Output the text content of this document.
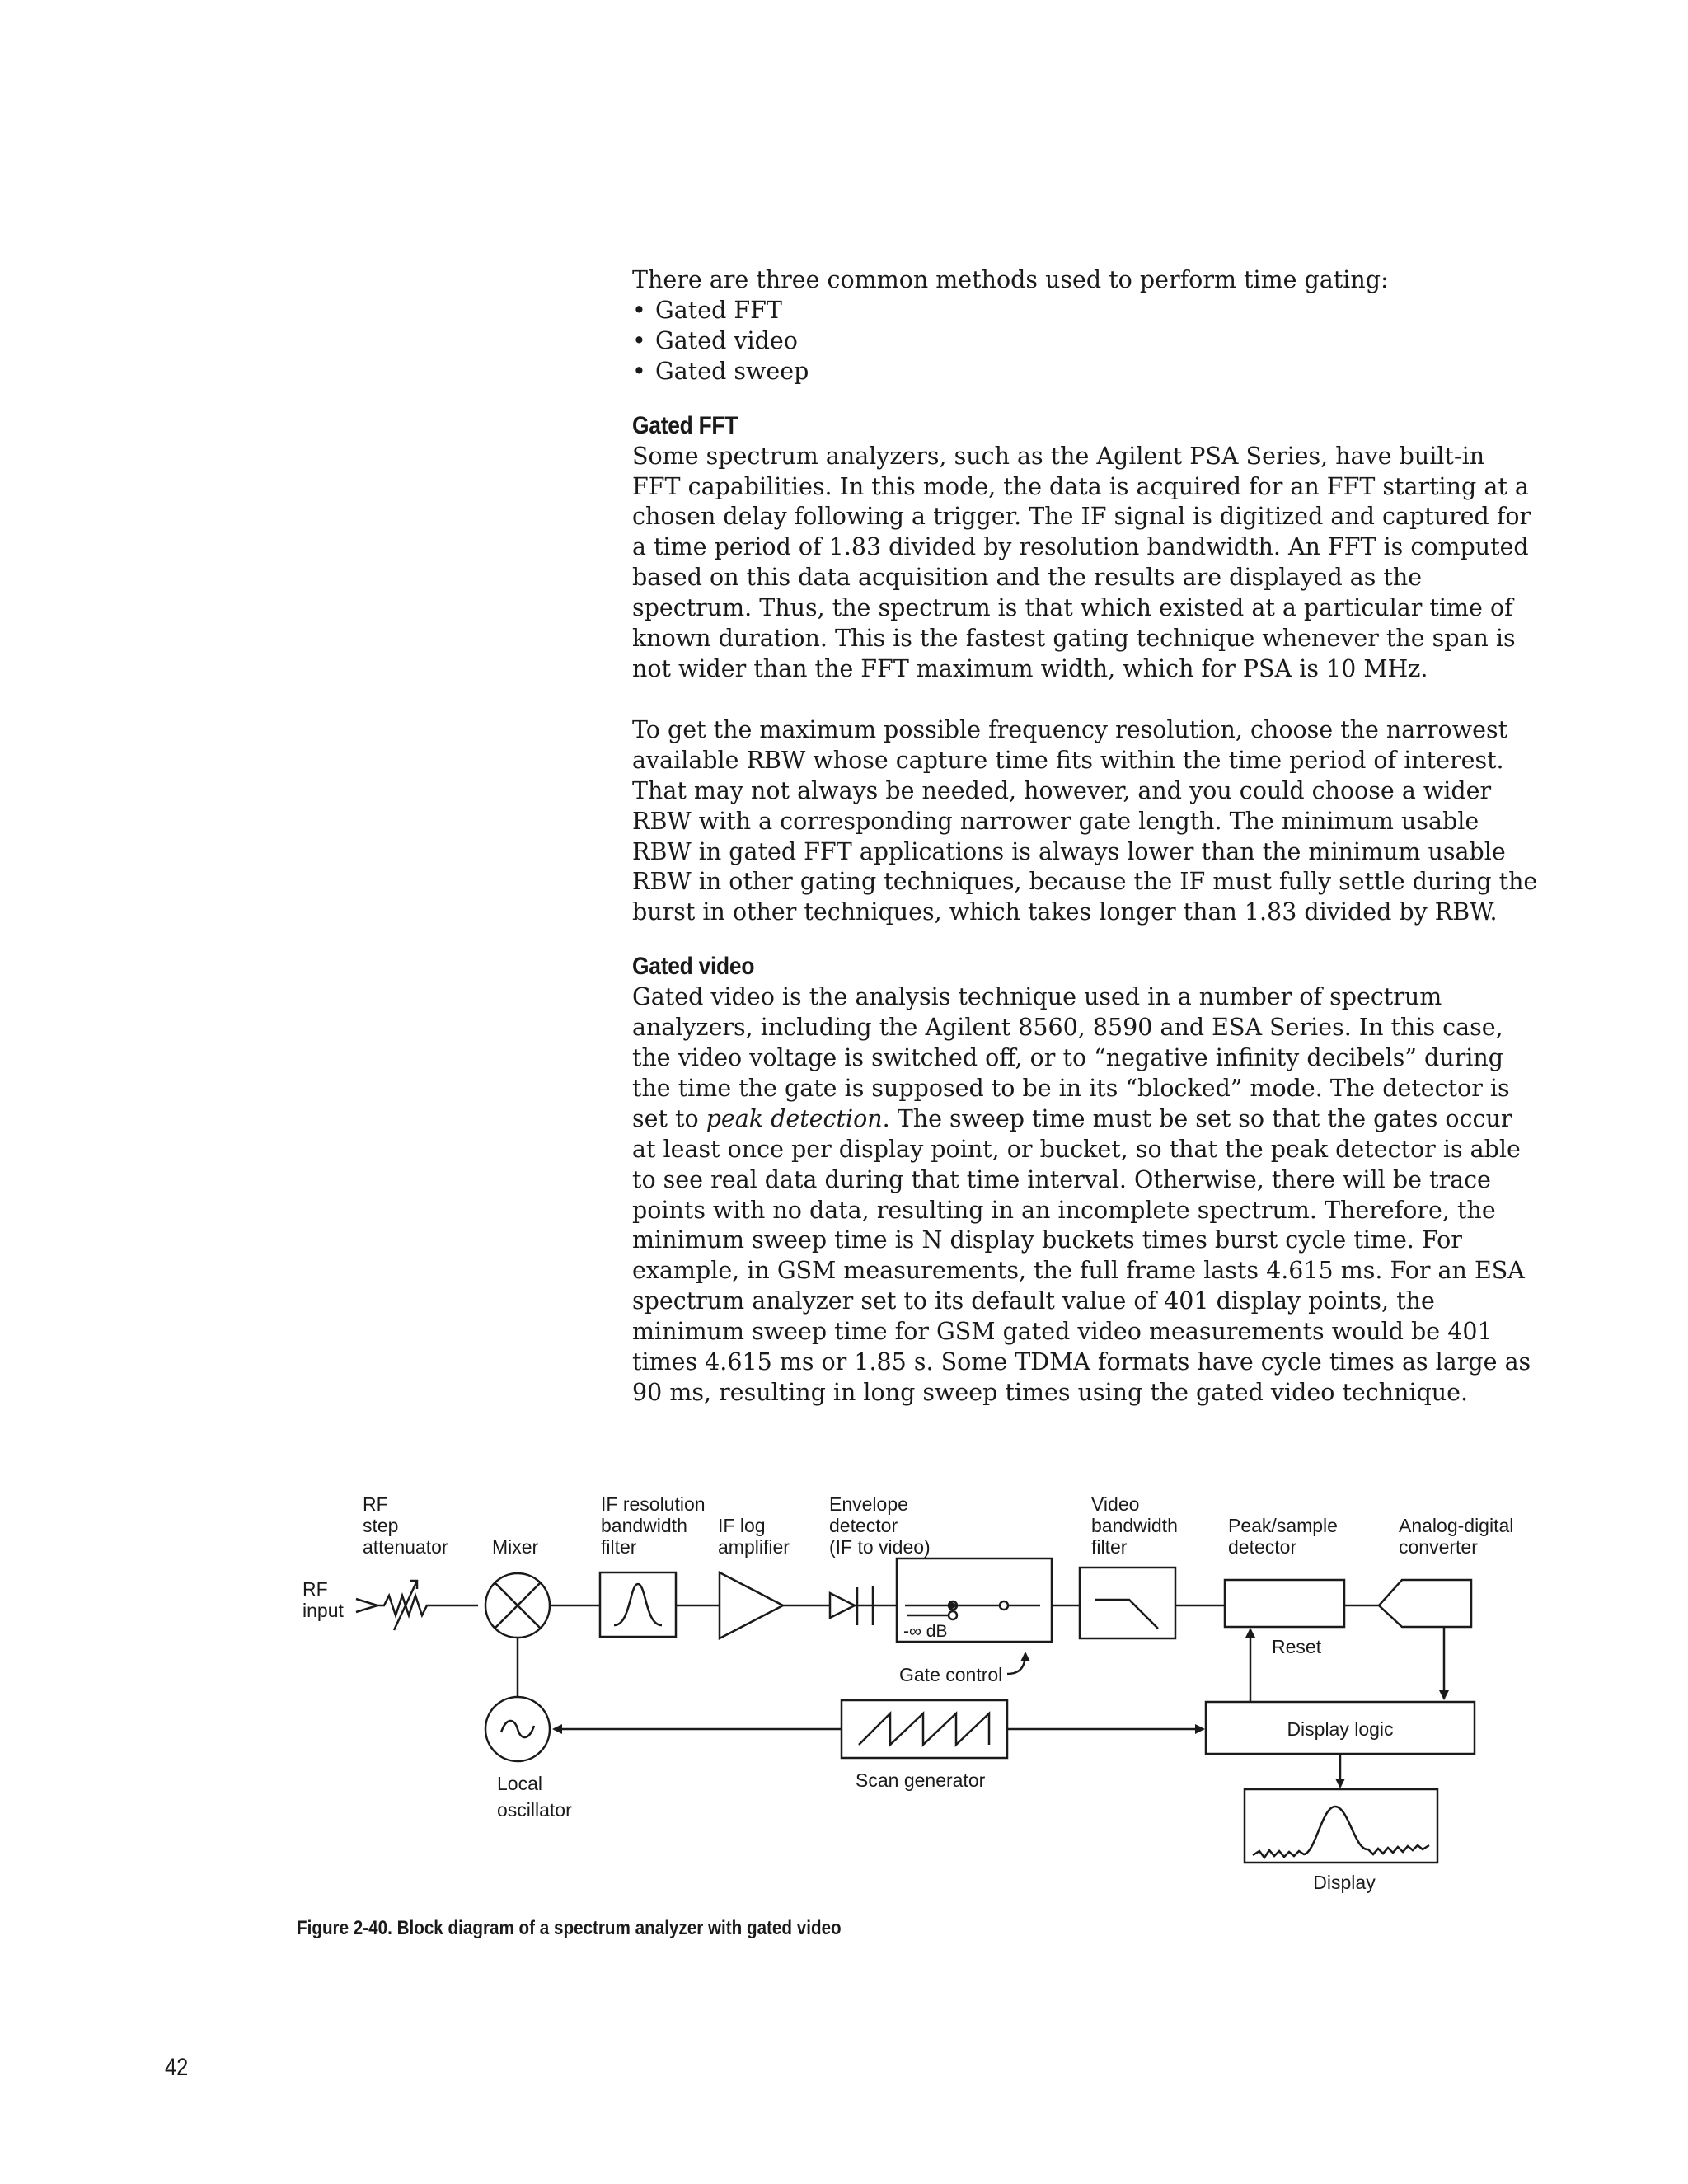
There are three common methods used to perform time gating:

• Gated FFT
• Gated video
• Gated sweep
Gated FFT

Some spectrum analyzers, such as the Agilent PSA Series, have built-in FFT capabilities. In this mode, the data is acquired for an FFT starting at a chosen delay following a trigger. The IF signal is digitized and captured for a time period of 1.83 divided by resolution bandwidth. An FFT is computed based on this data acquisition and the results are displayed as the spectrum. Thus, the spectrum is that which existed at a particular time of known duration. This is the fastest gating technique whenever the span is not wider than the FFT maximum width, which for PSA is 10 MHz.

To get the maximum possible frequency resolution, choose the narrowest available RBW whose capture time fits within the time period of interest. That may not always be needed, however, and you could choose a wider RBW with a corresponding narrower gate length. The minimum usable RBW in gated FFT applications is always lower than the minimum usable RBW in other gating techniques, because the IF must fully settle during the burst in other techniques, which takes longer than 1.83 divided by RBW.

Gated video

Gated video is the analysis technique used in a number of spectrum analyzers, including the Agilent 8560, 8590 and ESA Series. In this case, the video voltage is switched off, or to “negative infinity decibels” during the time the gate is supposed to be in its “blocked” mode. The detector is set to peak detection. The sweep time must be set so that the gates occur at least once per display point, or bucket, so that the peak detector is able to see real data during that time interval. Otherwise, there will be trace points with no data, resulting in an incomplete spectrum. Therefore, the minimum sweep time is N display buckets times burst cycle time. For example, in GSM measurements, the full frame lasts 4.615 ms. For an ESA spectrum analyzer set to its default value of 401 display points, the minimum sweep time for GSM gated video measurements would be 401 times 4.615 ms or 1.85 s. Some TDMA formats have cycle times as large as 90 ms, resulting in long sweep times using the gated video technique.

RF input
RF step attenuator Mixer
IF resolution bandwidth filter
IF log amplifier
Envelope detector (IF to video)
-∞ dB
Gate control
Video bandwidth filter
Peak/sample detector
Analog-digital converter
Reset
Display logic
Scan generator
Local oscillator
Display
Figure 2-40. Block diagram of a spectrum analyzer with gated video
42
